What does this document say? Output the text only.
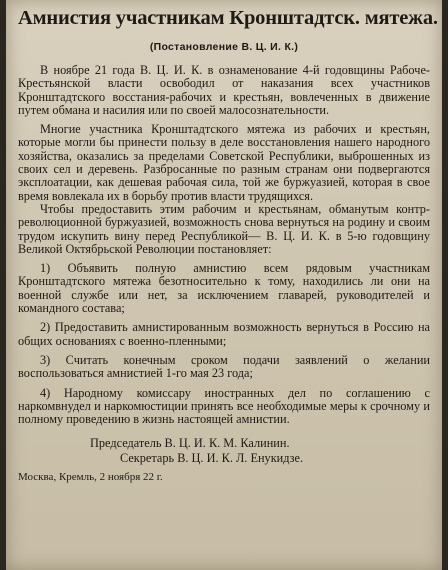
Амнистия участникам Кронштадтск. мятежа.
(Постановление В. Ц. И. К.)

В ноябре 21 года В. Ц. И. К. в ознаменование 4-й годовщины Рабоче-Крестьянской власти освободил от наказания всех участников Кронштадтского восстания-рабочих и крестьян, вовлеченных в движение путем обмана и насилия или по своей малосознательности.

Многие участника Кронштадтского мятежа из рабочих и крестьян, которые могли бы принести пользу в деле восстановления нашего народного хозяйства, оказались за пределами Советской Республики, выброшенных из своих сел и деревень. Разбросанные по разным странам они подвергаются эксплоатации, как дешевая рабочая сила, той же буржуазией, которая в свое время вовлекала их в борьбу против власти трудящихся.

Чтобы предоставить этим рабочим и крестьянам, обманутым контр-революционной буржуазией, возможность снова вернуться на родину и своим трудом искупить вину перед Республикой— В. Ц. И. К. в 5-ю годовщину Великой Октябрьской Революции постановляет:

1) Объявить полную амнистию всем рядовым участникам Кронштадтского мятежа безотносительно к тому, находились ли они на военной службе или нет, за исключением главарей, руководителей и командного состава;

2) Предоставить амнистированным возможность вернуться в Россию на общих основаниях с военно-пленными;

3) Считать конечным сроком подачи заявлений о желании воспользоваться амнистией 1-го мая 23 года;

4) Народному комиссару иностранных дел по соглашению с наркомвнудел и наркомюстиции принять все необходимые меры к срочному и полному проведению в жизнь настоящей амнистии.

Председатель В. Ц. И. К. М. Калинин.

Секретарь В. Ц. И. К. Л. Енукидзе.

Москва, Кремль, 2 ноября 22 г.
